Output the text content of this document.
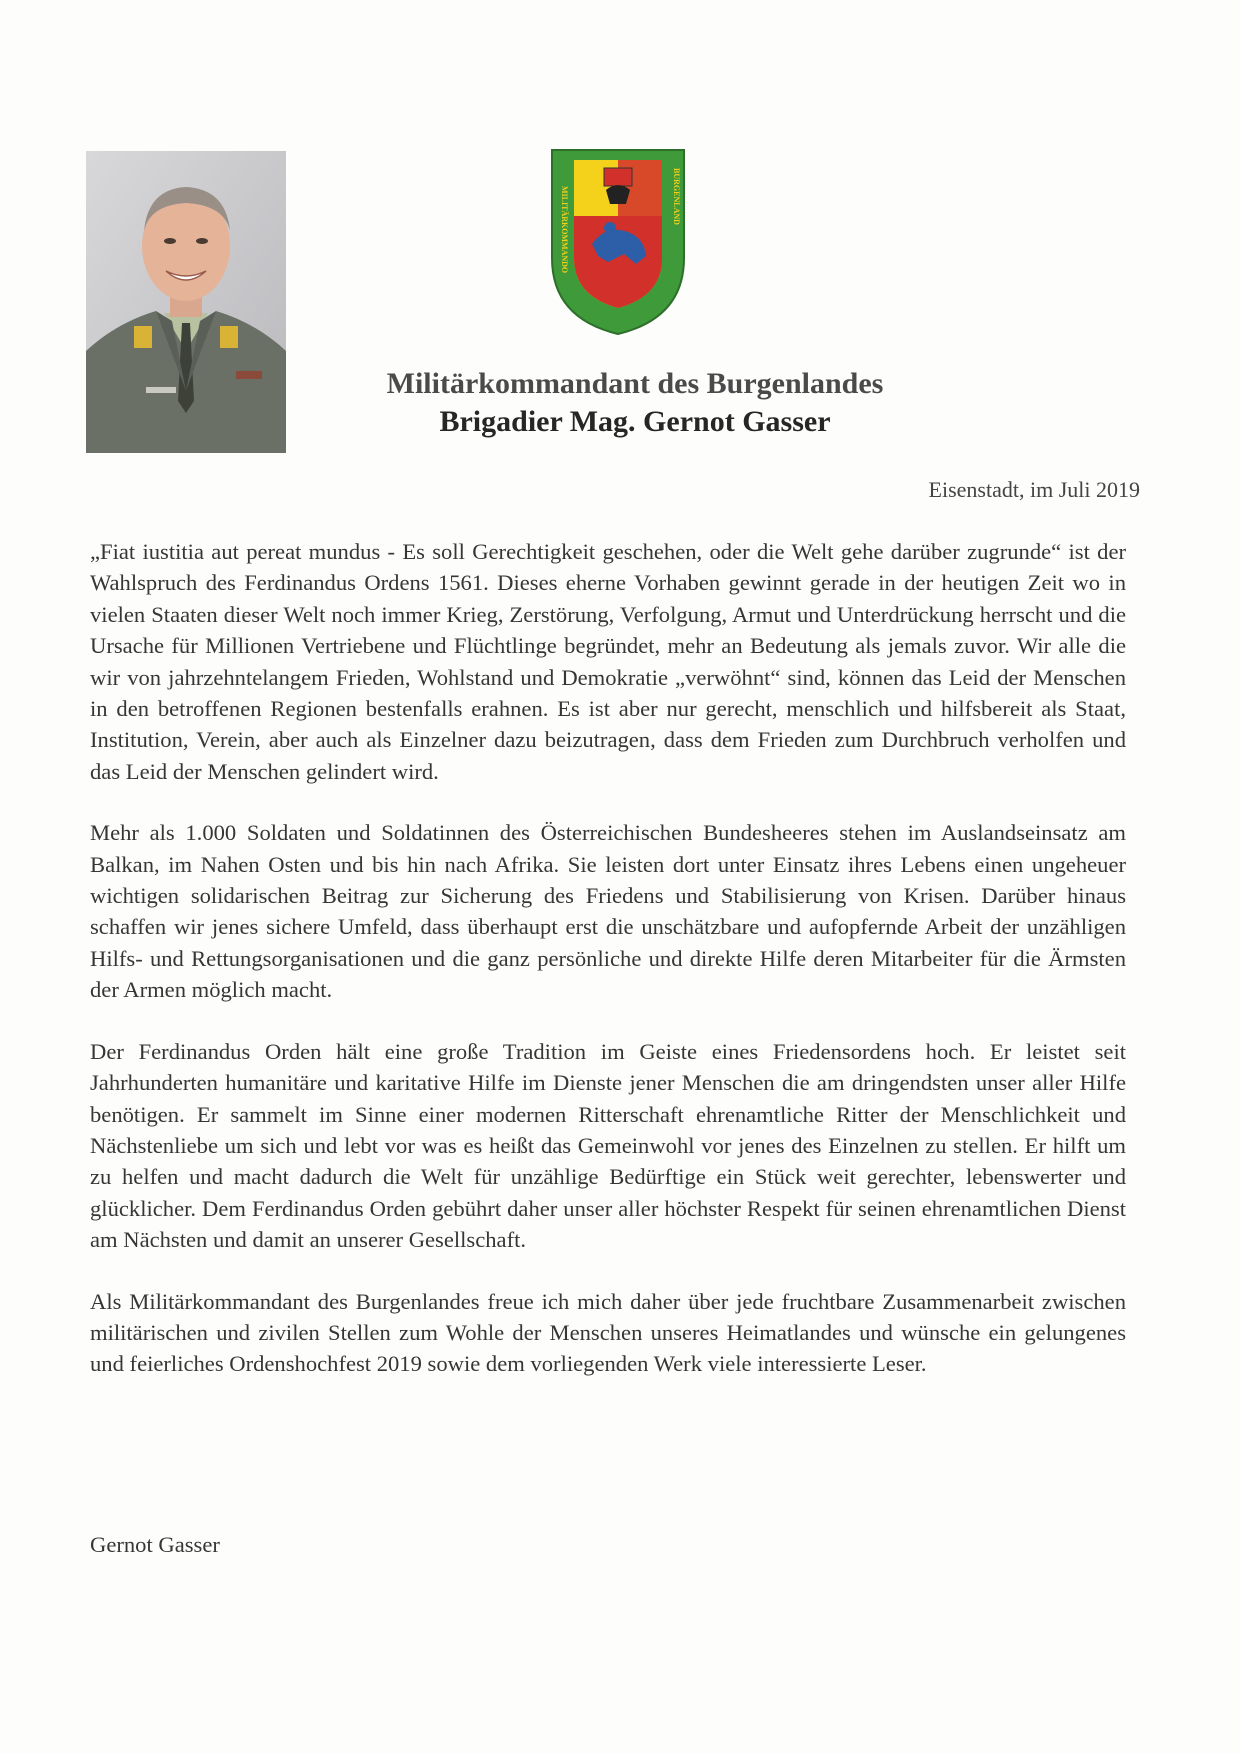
MILITÄRKOMMANDO	BURGENLAND
Militärkommandant des Burgenlandes
Brigadier Mag. Gernot Gasser
Eisenstadt, im Juli 2019

„Fiat iustitia aut pereat mundus - Es soll Gerechtigkeit geschehen, oder die Welt gehe darüber zugrunde“ ist der Wahlspruch des Ferdinandus Ordens 1561. Dieses eherne Vorhaben gewinnt gerade in der heutigen Zeit wo in vielen Staaten dieser Welt noch immer Krieg, Zerstörung, Verfolgung, Armut und Unterdrückung herrscht und die Ursache für Millionen Vertriebene und Flüchtlinge begründet, mehr an Bedeutung als jemals zuvor. Wir alle die wir von jahrzehntelangem Frieden, Wohlstand und Demokratie „verwöhnt“ sind, können das Leid der Menschen in den betroffenen Regionen bestenfalls erahnen. Es ist aber nur gerecht, menschlich und hilfsbereit als Staat, Institution, Verein, aber auch als Einzelner dazu beizutragen, dass dem Frieden zum Durchbruch verholfen und das Leid der Menschen gelindert wird.

Mehr als 1.000 Soldaten und Soldatinnen des Österreichischen Bundesheeres stehen im Auslandseinsatz am Balkan, im Nahen Osten und bis hin nach Afrika. Sie leisten dort unter Einsatz ihres Lebens einen ungeheuer wichtigen solidarischen Beitrag zur Sicherung des Friedens und Stabilisierung von Krisen. Darüber hinaus schaffen wir jenes sichere Umfeld, dass überhaupt erst die unschätzbare und aufopfernde Arbeit der unzähligen Hilfs- und Rettungsorganisationen und die ganz persönliche und direkte Hilfe deren Mitarbeiter für die Ärmsten der Armen möglich macht.

Der Ferdinandus Orden hält eine große Tradition im Geiste eines Friedensordens hoch. Er leistet seit Jahrhunderten humanitäre und karitative Hilfe im Dienste jener Menschen die am dringendsten unser aller Hilfe benötigen. Er sammelt im Sinne einer modernen Ritterschaft ehrenamtliche Ritter der Menschlichkeit und Nächstenliebe um sich und lebt vor was es heißt das Gemeinwohl vor jenes des Einzelnen zu stellen. Er hilft um zu helfen und macht dadurch die Welt für unzählige Bedürftige ein Stück weit gerechter, lebenswerter und glücklicher. Dem Ferdinandus Orden gebührt daher unser aller höchster Respekt für seinen ehrenamtlichen Dienst am Nächsten und damit an unserer Gesellschaft.

Als Militärkommandant des Burgenlandes freue ich mich daher über jede fruchtbare Zusammenarbeit zwischen militärischen und zivilen Stellen zum Wohle der Menschen unseres Heimatlandes und wünsche ein gelungenes und feierliches Ordenshochfest 2019 sowie dem vorliegenden Werk viele interessierte Leser.

Gernot Gasser
